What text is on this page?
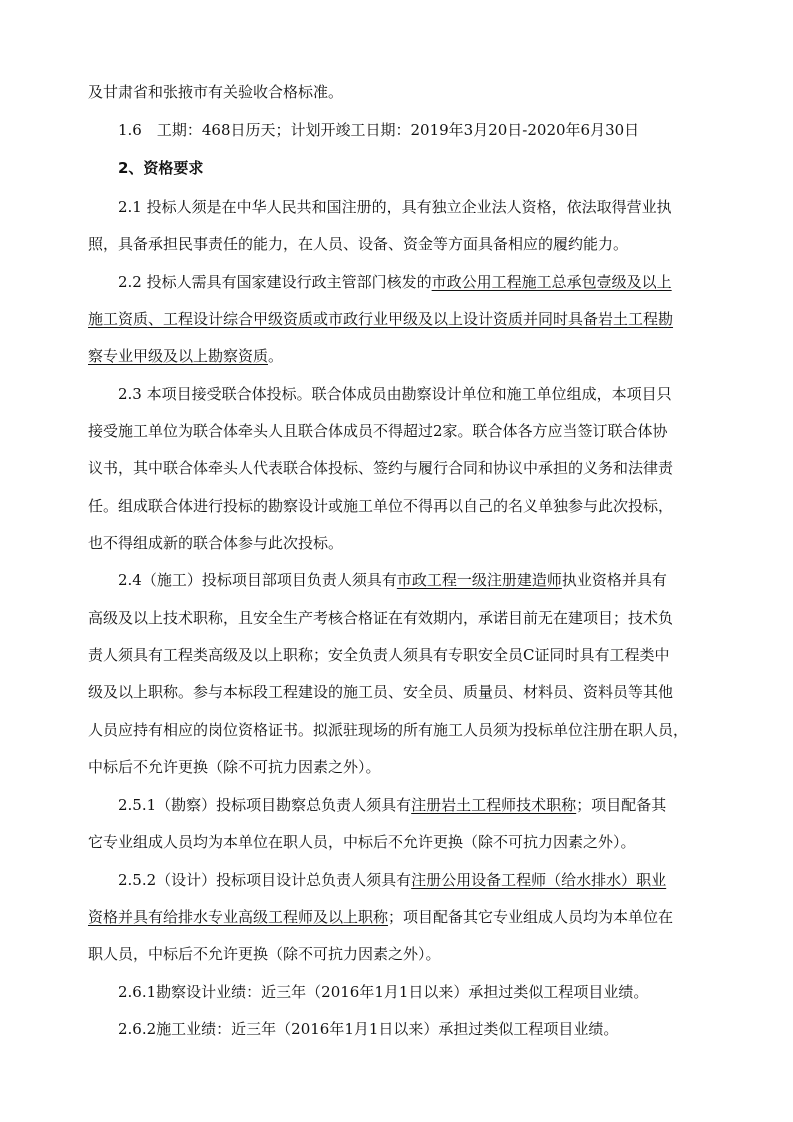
及甘肃省和张掖市有关验收合格标准。
1.6　工期：468日历天；计划开竣工日期：2019年3月20日-2020年6月30日
2、资格要求
2.1 投标人须是在中华人民共和国注册的，具有独立企业法人资格，依法取得营业执
照，具备承担民事责任的能力，在人员、设备、资金等方面具备相应的履约能力。
2.2 投标人需具有国家建设行政主管部门核发的市政公用工程施工总承包壹级及以上
施工资质、工程设计综合甲级资质或市政行业甲级及以上设计资质并同时具备岩土工程勘
察专业甲级及以上勘察资质。
2.3 本项目接受联合体投标。联合体成员由勘察设计单位和施工单位组成，本项目只
接受施工单位为联合体牵头人且联合体成员不得超过2家。联合体各方应当签订联合体协
议书，其中联合体牵头人代表联合体投标、签约与履行合同和协议中承担的义务和法律责
任。组成联合体进行投标的勘察设计或施工单位不得再以自己的名义单独参与此次投标，
也不得组成新的联合体参与此次投标。
2.4（施工）投标项目部项目负责人须具有市政工程一级注册建造师执业资格并具有
高级及以上技术职称，且安全生产考核合格证在有效期内，承诺目前无在建项目；技术负
责人须具有工程类高级及以上职称；安全负责人须具有专职安全员C证同时具有工程类中
级及以上职称。参与本标段工程建设的施工员、安全员、质量员、材料员、资料员等其他
人员应持有相应的岗位资格证书。拟派驻现场的所有施工人员须为投标单位注册在职人员，
中标后不允许更换（除不可抗力因素之外）。
2.5.1（勘察）投标项目勘察总负责人须具有注册岩土工程师技术职称；项目配备其
它专业组成人员均为本单位在职人员，中标后不允许更换（除不可抗力因素之外）。
2.5.2（设计）投标项目设计总负责人须具有注册公用设备工程师（给水排水）职业
资格并具有给排水专业高级工程师及以上职称；项目配备其它专业组成人员均为本单位在
职人员，中标后不允许更换（除不可抗力因素之外）。
2.6.1勘察设计业绩：近三年（2016年1月1日以来）承担过类似工程项目业绩。
2.6.2施工业绩：近三年（2016年1月1日以来）承担过类似工程项目业绩。
